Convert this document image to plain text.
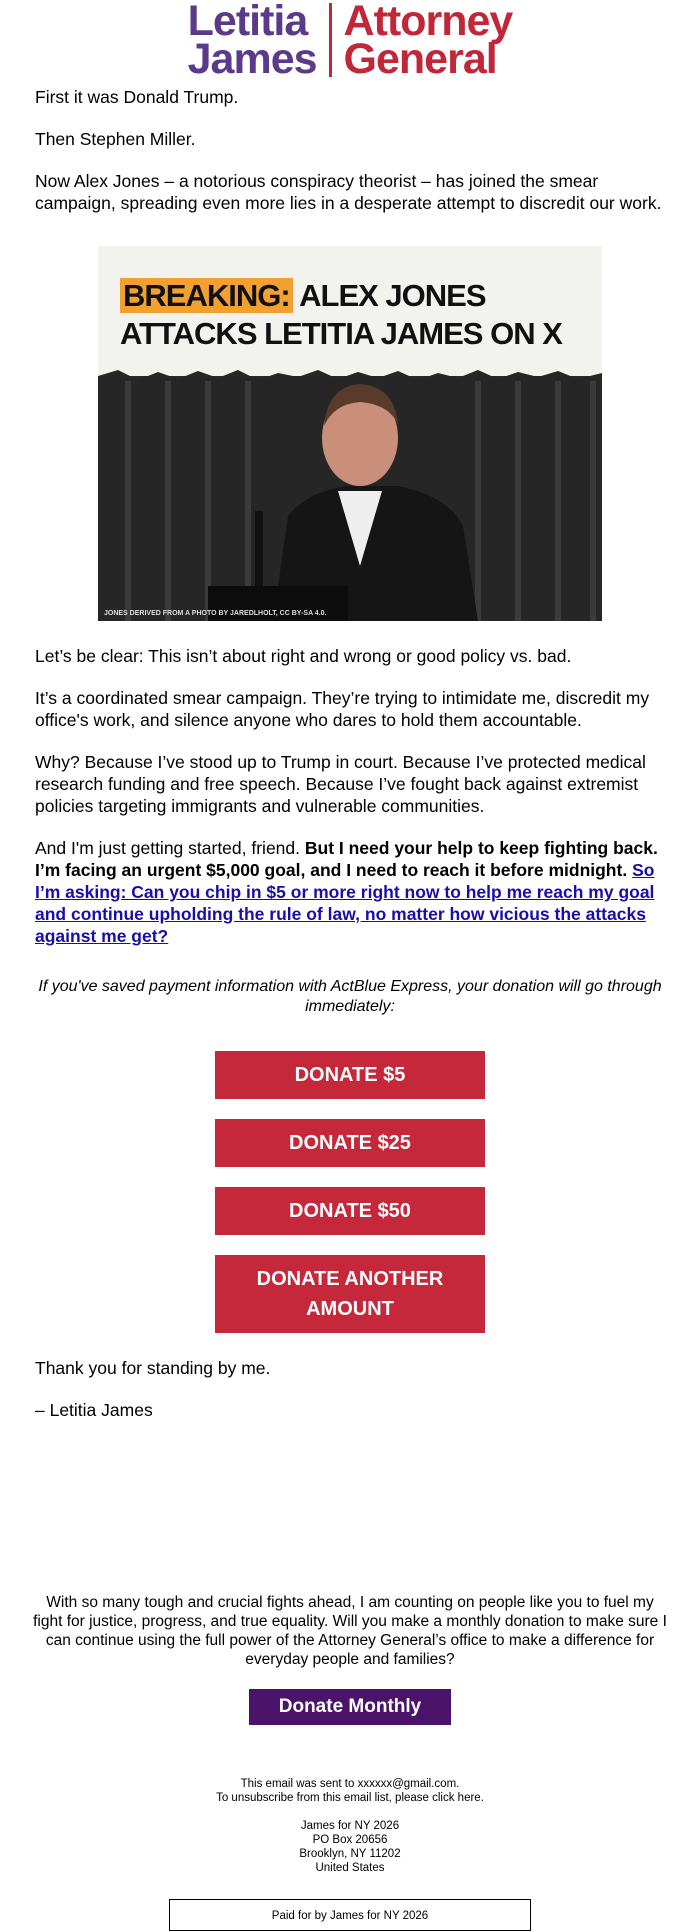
Letitia
James
Attorney
General

First it was Donald Trump.

Then Stephen Miller.

Now Alex Jones – a notorious conspiracy theorist – has joined the smear campaign, spreading even more lies in a desperate attempt to discredit our work.

BREAKING: ALEX JONES
ATTACKS LETITIA JAMES ON X
JONES DERIVED FROM A PHOTO BY JAREDLHOLT, CC BY-SA 4.0.

Let’s be clear: This isn’t about right and wrong or good policy vs. bad.

It’s a coordinated smear campaign. They’re trying to intimidate me, discredit my office's work, and silence anyone who dares to hold them accountable.

Why? Because I’ve stood up to Trump in court. Because I’ve protected medical research funding and free speech. Because I’ve fought back against extremist policies targeting immigrants and vulnerable communities.

And I'm just getting started, friend. But I need your help to keep fighting back. I’m facing an urgent $5,000 goal, and I need to reach it before midnight. So I’m asking: Can you chip in $5 or more right now to help me reach my goal and continue upholding the rule of law, no matter how vicious the attacks against me get?

If you've saved payment information with ActBlue Express, your donation will go through immediately:

DONATE $5
DONATE $25
DONATE $50
DONATE ANOTHER
AMOUNT

Thank you for standing by me.

– Letitia James

With so many tough and crucial fights ahead, I am counting on people like you to fuel my fight for justice, progress, and true equality. Will you make a monthly donation to make sure I can continue using the full power of the Attorney General’s office to make a difference for everyday people and families?

Donate Monthly
This email was sent to xxxxxx@gmail.com.
To unsubscribe from this email list, please click here.
James for NY 2026
PO Box 20656
Brooklyn, NY 11202
United States
Paid for by James for NY 2026
